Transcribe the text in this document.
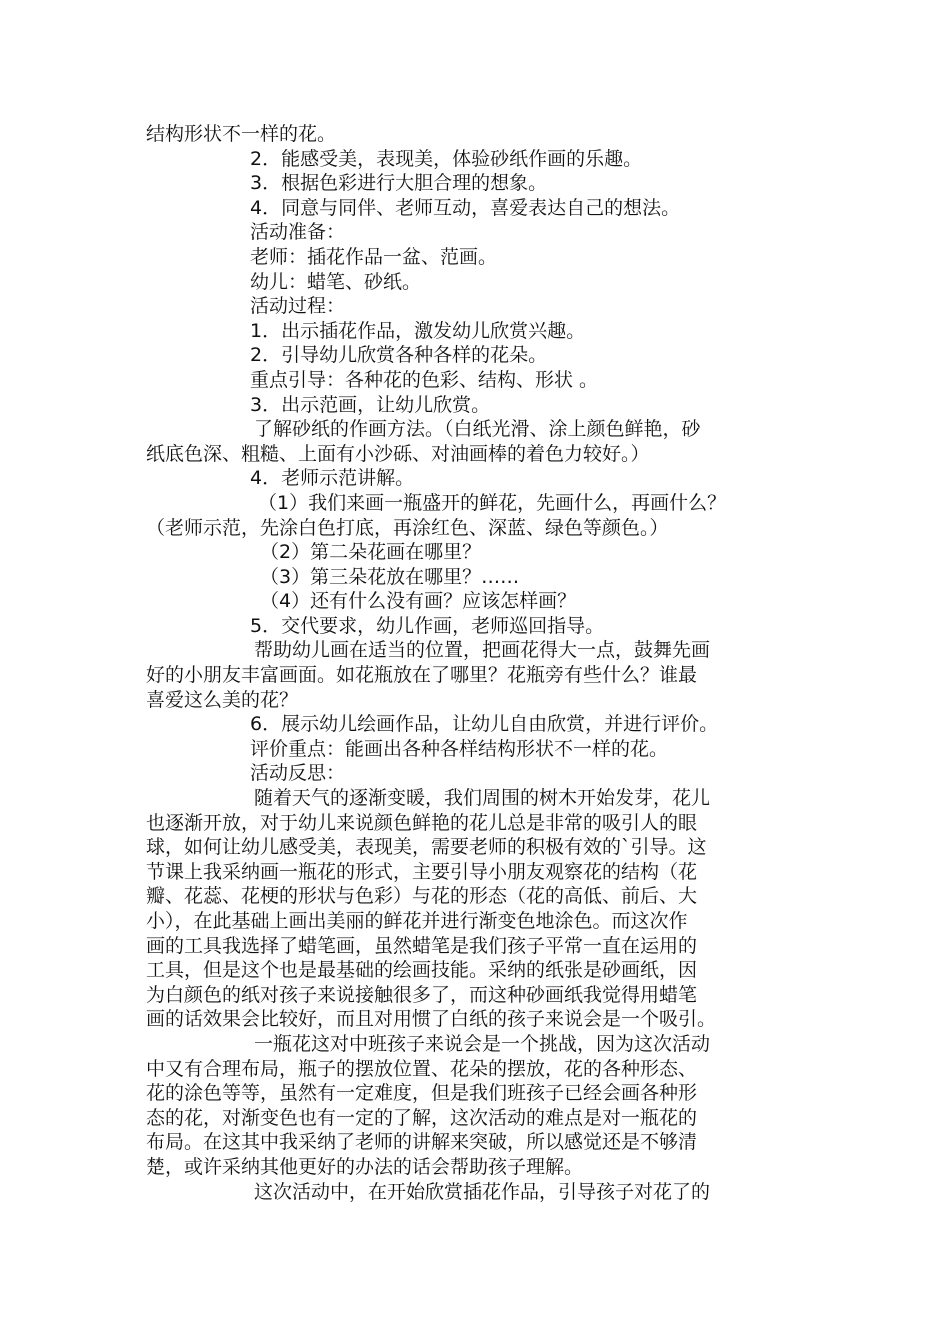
结构形状不一样的花。
2．能感受美，表现美，体验砂纸作画的乐趣。
3．根据色彩进行大胆合理的想象。
4．同意与同伴、老师互动，喜爱表达自己的想法。
活动准备：
老师：插花作品一盆、范画。
幼儿：蜡笔、砂纸。
活动过程：
1．出示插花作品，激发幼儿欣赏兴趣。
2．引导幼儿欣赏各种各样的花朵。
重点引导：各种花的色彩、结构、形状 。
3．出示范画，让幼儿欣赏。
了解砂纸的作画方法。（白纸光滑、涂上颜色鲜艳，砂
纸底色深、粗糙、上面有小沙砾、对油画棒的着色力较好。）
4．老师示范讲解。
（1）我们来画一瓶盛开的鲜花，先画什么，再画什么？
（老师示范，先涂白色打底，再涂红色、深蓝、绿色等颜色。）
（2）第二朵花画在哪里？
（3）第三朵花放在哪里？……
（4）还有什么没有画？应该怎样画？
5．交代要求，幼儿作画，老师巡回指导。
帮助幼儿画在适当的位置，把画花得大一点，鼓舞先画
好的小朋友丰富画面。如花瓶放在了哪里？花瓶旁有些什么？谁最
喜爱这么美的花？
6．展示幼儿绘画作品，让幼儿自由欣赏，并进行评价。
评价重点：能画出各种各样结构形状不一样的花。
活动反思：
随着天气的逐渐变暖，我们周围的树木开始发芽，花儿
也逐渐开放，对于幼儿来说颜色鲜艳的花儿总是非常的吸引人的眼
球，如何让幼儿感受美，表现美，需要老师的积极有效的`引导。这
节课上我采纳画一瓶花的形式，主要引导小朋友观察花的结构（花
瓣、花蕊、花梗的形状与色彩）与花的形态（花的高低、前后、大
小），在此基础上画出美丽的鲜花并进行渐变色地涂色。而这次作
画的工具我选择了蜡笔画，虽然蜡笔是我们孩子平常一直在运用的
工具，但是这个也是最基础的绘画技能。采纳的纸张是砂画纸，因
为白颜色的纸对孩子来说接触很多了，而这种砂画纸我觉得用蜡笔
画的话效果会比较好，而且对用惯了白纸的孩子来说会是一个吸引。
一瓶花这对中班孩子来说会是一个挑战，因为这次活动
中又有合理布局，瓶子的摆放位置、花朵的摆放，花的各种形态、
花的涂色等等，虽然有一定难度，但是我们班孩子已经会画各种形
态的花，对渐变色也有一定的了解，这次活动的难点是对一瓶花的
布局。在这其中我采纳了老师的讲解来突破，所以感觉还是不够清
楚，或许采纳其他更好的办法的话会帮助孩子理解。
这次活动中，在开始欣赏插花作品，引导孩子对花了的
